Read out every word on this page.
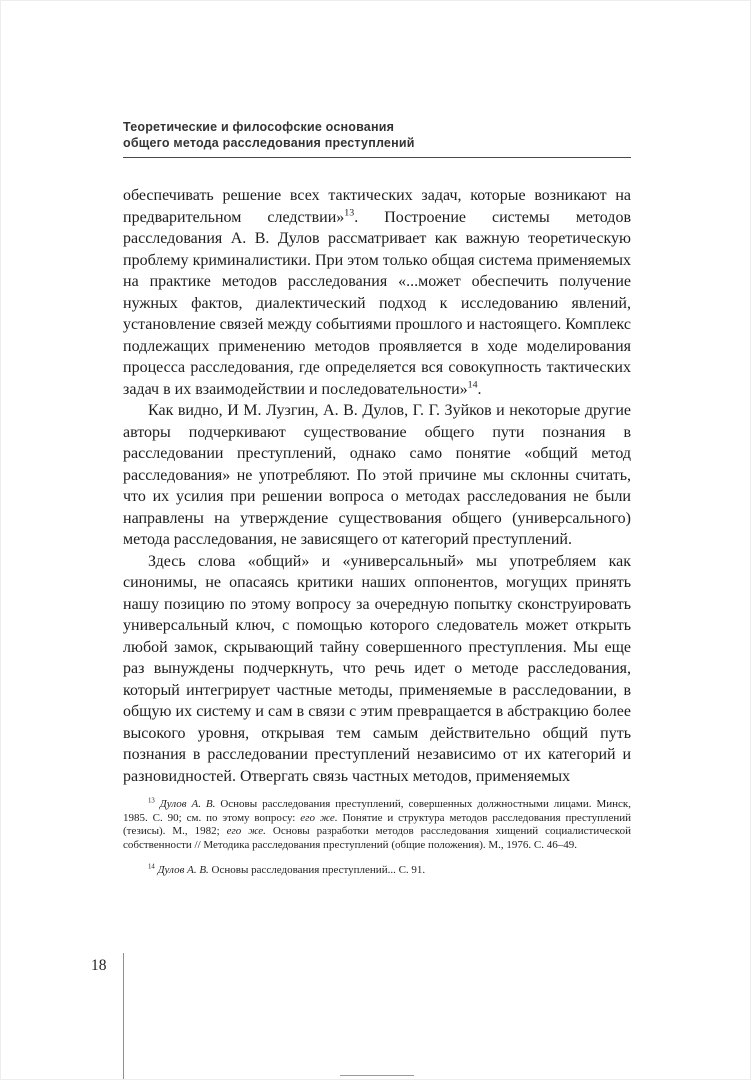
Теоретические и философские основания
общего метода расследования преступлений

обеспечивать решение всех тактических задач, которые возникают на предварительном следствии»$^{13}$. Построение системы методов расследования А. В. Дулов рассматривает как важную теоретическую проблему криминалистики. При этом только общая система применяемых на практике методов расследования «...может обеспечить получение нужных фактов, диалектический подход к исследованию явлений, установление связей между событиями прошлого и настоящего. Комплекс подлежащих применению методов проявляется в ходе моделирования процесса расследования, где определяется вся совокупность тактических задач в их взаимодействии и последовательности»$^{14}$.

Как видно, И М. Лузгин, А. В. Дулов, Г. Г. Зуйков и некоторые другие авторы подчеркивают существование общего пути познания в расследовании преступлений, однако само понятие «общий метод расследования» не употребляют. По этой причине мы склонны считать, что их усилия при решении вопроса о методах расследования не были направлены на утверждение существования общего (универсального) метода расследования, не зависящего от категорий преступлений.

Здесь слова «общий» и «универсальный» мы употребляем как синонимы, не опасаясь критики наших оппонентов, могущих принять нашу позицию по этому вопросу за очередную попытку сконструировать универсальный ключ, с помощью которого следователь может открыть любой замок, скрывающий тайну совершенного преступления. Мы еще раз вынуждены подчеркнуть, что речь идет о методе расследования, который интегрирует частные методы, применяемые в расследовании, в общую их систему и сам в связи с этим превращается в абстракцию более высокого уровня, открывая тем самым действительно общий путь познания в расследовании преступлений независимо от их категорий и разновидностей. Отвергать связь частных методов, применяемых

$^{13}$ Дулов А. В. Основы расследования преступлений, совершенных должностными лицами. Минск, 1985. С. 90; см. по этому вопросу: его же. Понятие и структура методов расследования преступлений (тезисы). М., 1982; его же. Основы разработки методов расследования хищений социалистической собственности // Методика расследования преступлений (общие положения). М., 1976. С. 46–49.

$^{14}$ Дулов А. В. Основы расследования преступлений... С. 91.

18
